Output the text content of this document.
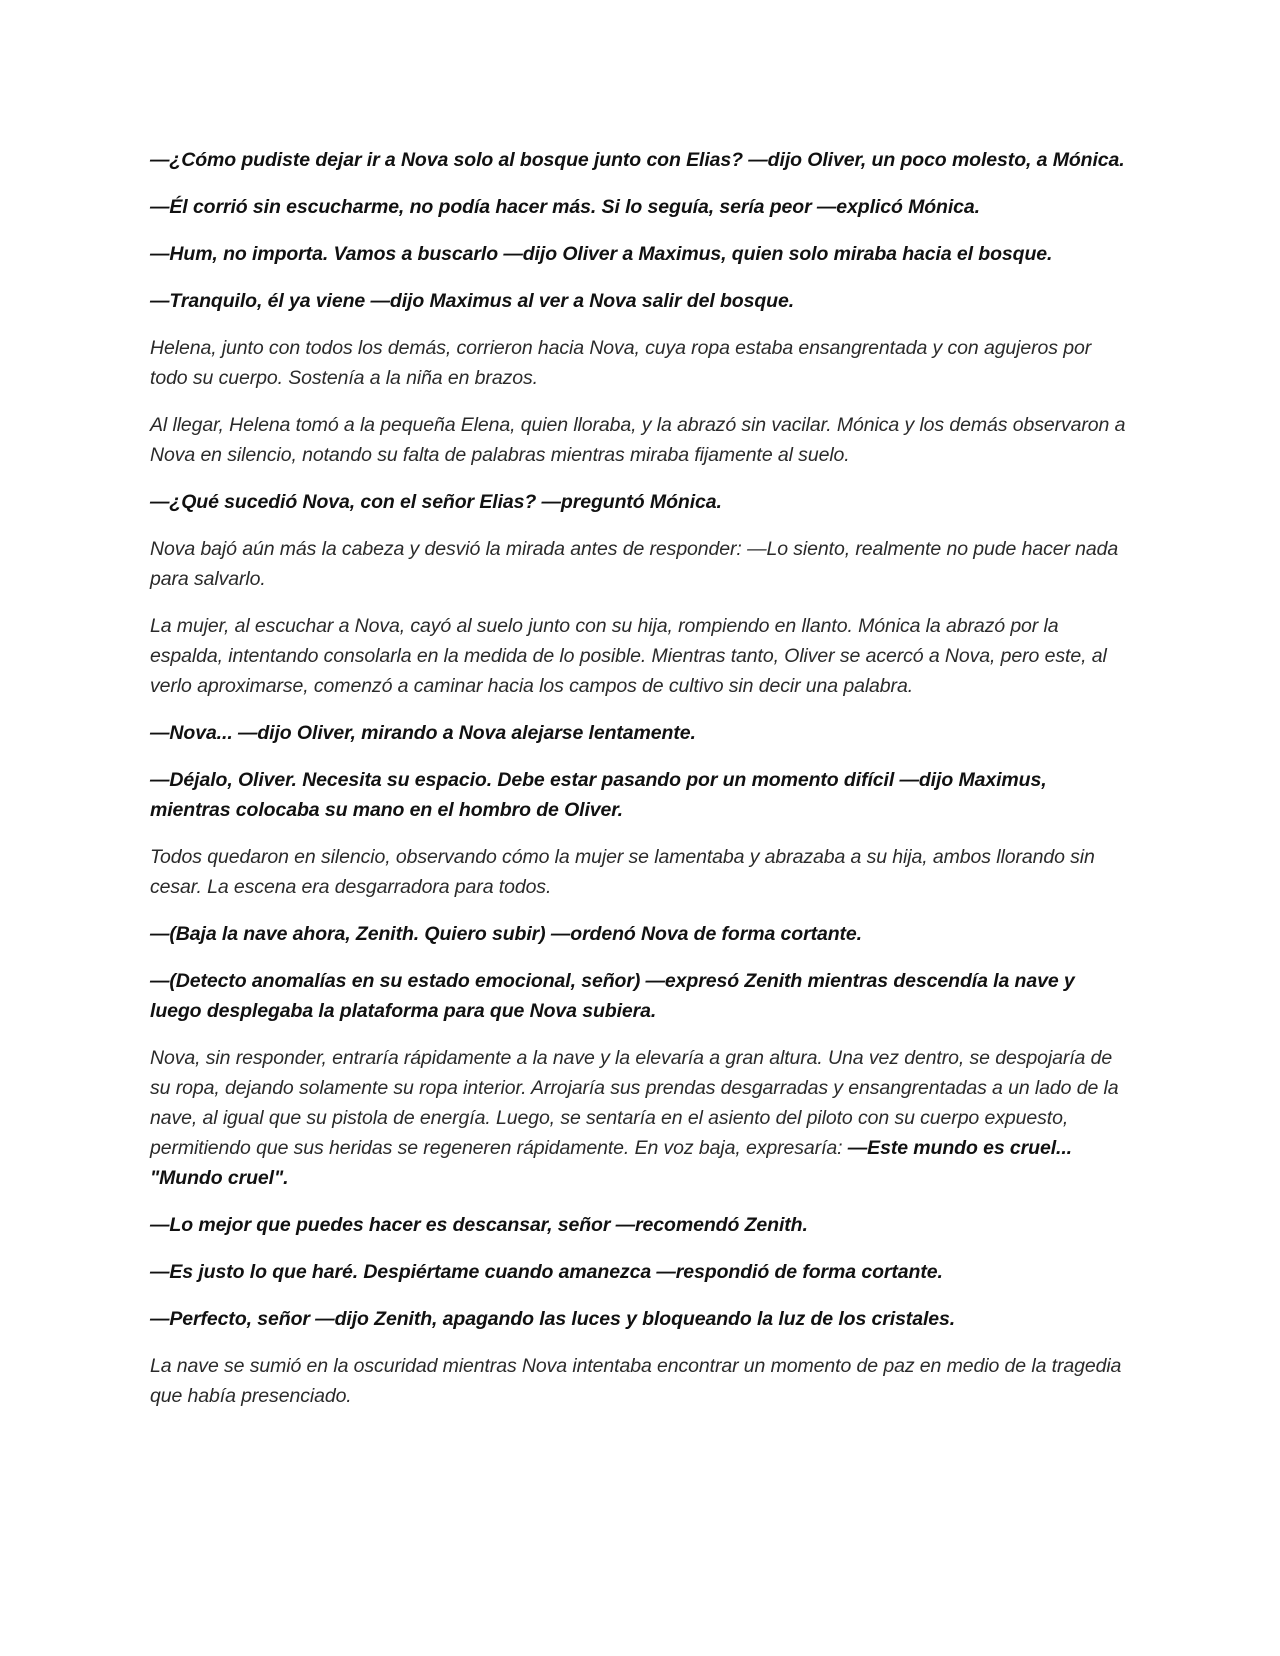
—¿Cómo pudiste dejar ir a Nova solo al bosque junto con Elias? —dijo Oliver, un poco molesto, a Mónica.

—Él corrió sin escucharme, no podía hacer más. Si lo seguía, sería peor —explicó Mónica.

—Hum, no importa. Vamos a buscarlo —dijo Oliver a Maximus, quien solo miraba hacia el bosque.

—Tranquilo, él ya viene —dijo Maximus al ver a Nova salir del bosque.

Helena, junto con todos los demás, corrieron hacia Nova, cuya ropa estaba ensangrentada y con agujeros por todo su cuerpo. Sostenía a la niña en brazos.

Al llegar, Helena tomó a la pequeña Elena, quien lloraba, y la abrazó sin vacilar. Mónica y los demás observaron a Nova en silencio, notando su falta de palabras mientras miraba fijamente al suelo.

—¿Qué sucedió Nova, con el señor Elias? —preguntó Mónica.

Nova bajó aún más la cabeza y desvió la mirada antes de responder: —Lo siento, realmente no pude hacer nada para salvarlo.

La mujer, al escuchar a Nova, cayó al suelo junto con su hija, rompiendo en llanto. Mónica la abrazó por la espalda, intentando consolarla en la medida de lo posible. Mientras tanto, Oliver se acercó a Nova, pero este, al verlo aproximarse, comenzó a caminar hacia los campos de cultivo sin decir una palabra.

—Nova... —dijo Oliver, mirando a Nova alejarse lentamente.

—Déjalo, Oliver. Necesita su espacio. Debe estar pasando por un momento difícil —dijo Maximus, mientras colocaba su mano en el hombro de Oliver.

Todos quedaron en silencio, observando cómo la mujer se lamentaba y abrazaba a su hija, ambos llorando sin cesar. La escena era desgarradora para todos.

—(Baja la nave ahora, Zenith. Quiero subir) —ordenó Nova de forma cortante.

—(Detecto anomalías en su estado emocional, señor) —expresó Zenith mientras descendía la nave y luego desplegaba la plataforma para que Nova subiera.

Nova, sin responder, entraría rápidamente a la nave y la elevaría a gran altura. Una vez dentro, se despojaría de su ropa, dejando solamente su ropa interior. Arrojaría sus prendas desgarradas y ensangrentadas a un lado de la nave, al igual que su pistola de energía. Luego, se sentaría en el asiento del piloto con su cuerpo expuesto, permitiendo que sus heridas se regeneren rápidamente. En voz baja, expresaría: —Este mundo es cruel... "Mundo cruel".

—Lo mejor que puedes hacer es descansar, señor —recomendó Zenith.

—Es justo lo que haré. Despiértame cuando amanezca —respondió de forma cortante.

—Perfecto, señor —dijo Zenith, apagando las luces y bloqueando la luz de los cristales.

La nave se sumió en la oscuridad mientras Nova intentaba encontrar un momento de paz en medio de la tragedia que había presenciado.
